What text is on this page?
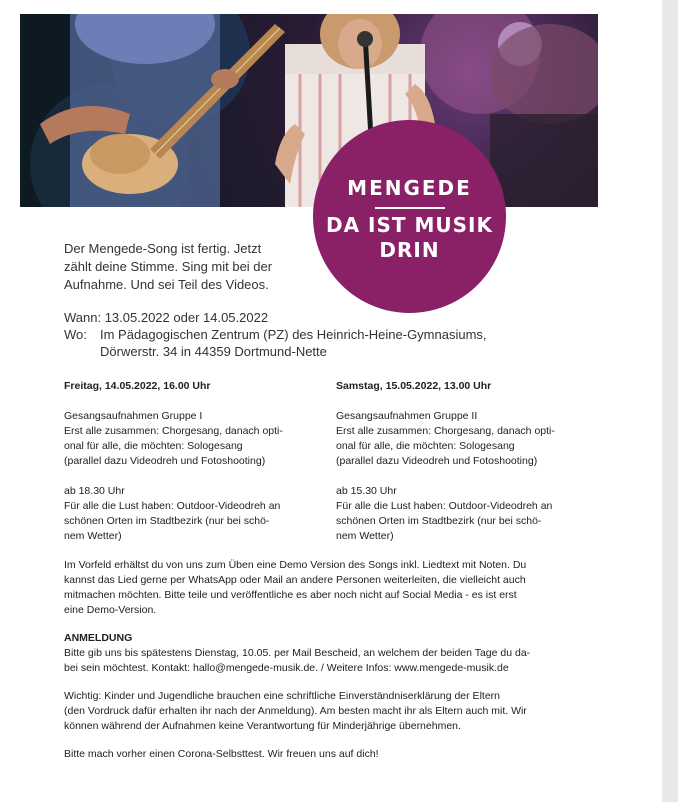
MENGEDE
DA IST MUSIK
DRIN
Der Mengede-Song ist fertig. Jetzt
zählt deine Stimme. Sing mit bei der
Aufnahme. Und sei Teil des Videos.
Wann: 13.05.2022 oder 14.05.2022
Wo: Im Pädagogischen Zentrum (PZ) des Heinrich-Heine-Gymnasiums,
Dörwerstr. 34 in 44359 Dortmund-Nette

Freitag, 14.05.2022, 16.00 Uhr

Gesangsaufnahmen Gruppe I

Erst alle zusammen: Chorgesang, danach opti-

onal für alle, die möchten: Sologesang

(parallel dazu Videodreh und Fotoshooting)

ab 18.30 Uhr

Für alle die Lust haben: Outdoor-Videodreh an

schönen Orten im Stadtbezirk (nur bei schö-

nem Wetter)

Samstag, 15.05.2022, 13.00 Uhr

Gesangsaufnahmen Gruppe II

Erst alle zusammen: Chorgesang, danach opti-

onal für alle, die möchten: Sologesang

(parallel dazu Videodreh und Fotoshooting)

ab 15.30 Uhr

Für alle die Lust haben: Outdoor-Videodreh an

schönen Orten im Stadtbezirk (nur bei schö-

nem Wetter)

Im Vorfeld erhältst du von uns zum Üben eine Demo Version des Songs inkl. Liedtext mit Noten. Du
kannst das Lied gerne per WhatsApp oder Mail an andere Personen weiterleiten, die vielleicht auch
mitmachen möchten. Bitte teile und veröffentliche es aber noch nicht auf Social Media - es ist erst
eine Demo-Version.
ANMELDUNG
Bitte gib uns bis spätestens Dienstag, 10.05. per Mail Bescheid, an welchem der beiden Tage du da-
bei sein möchtest. Kontakt: hallo@mengede-musik.de. / Weitere Infos: www.mengede-musik.de
Wichtig: Kinder und Jugendliche brauchen eine schriftliche Einverständniserklärung der Eltern
(den Vordruck dafür erhalten ihr nach der Anmeldung). Am besten macht ihr als Eltern auch mit. Wir
können während der Aufnahmen keine Verantwortung für Minderjährige übernehmen.
Bitte mach vorher einen Corona-Selbsttest. Wir freuen uns auf dich!
